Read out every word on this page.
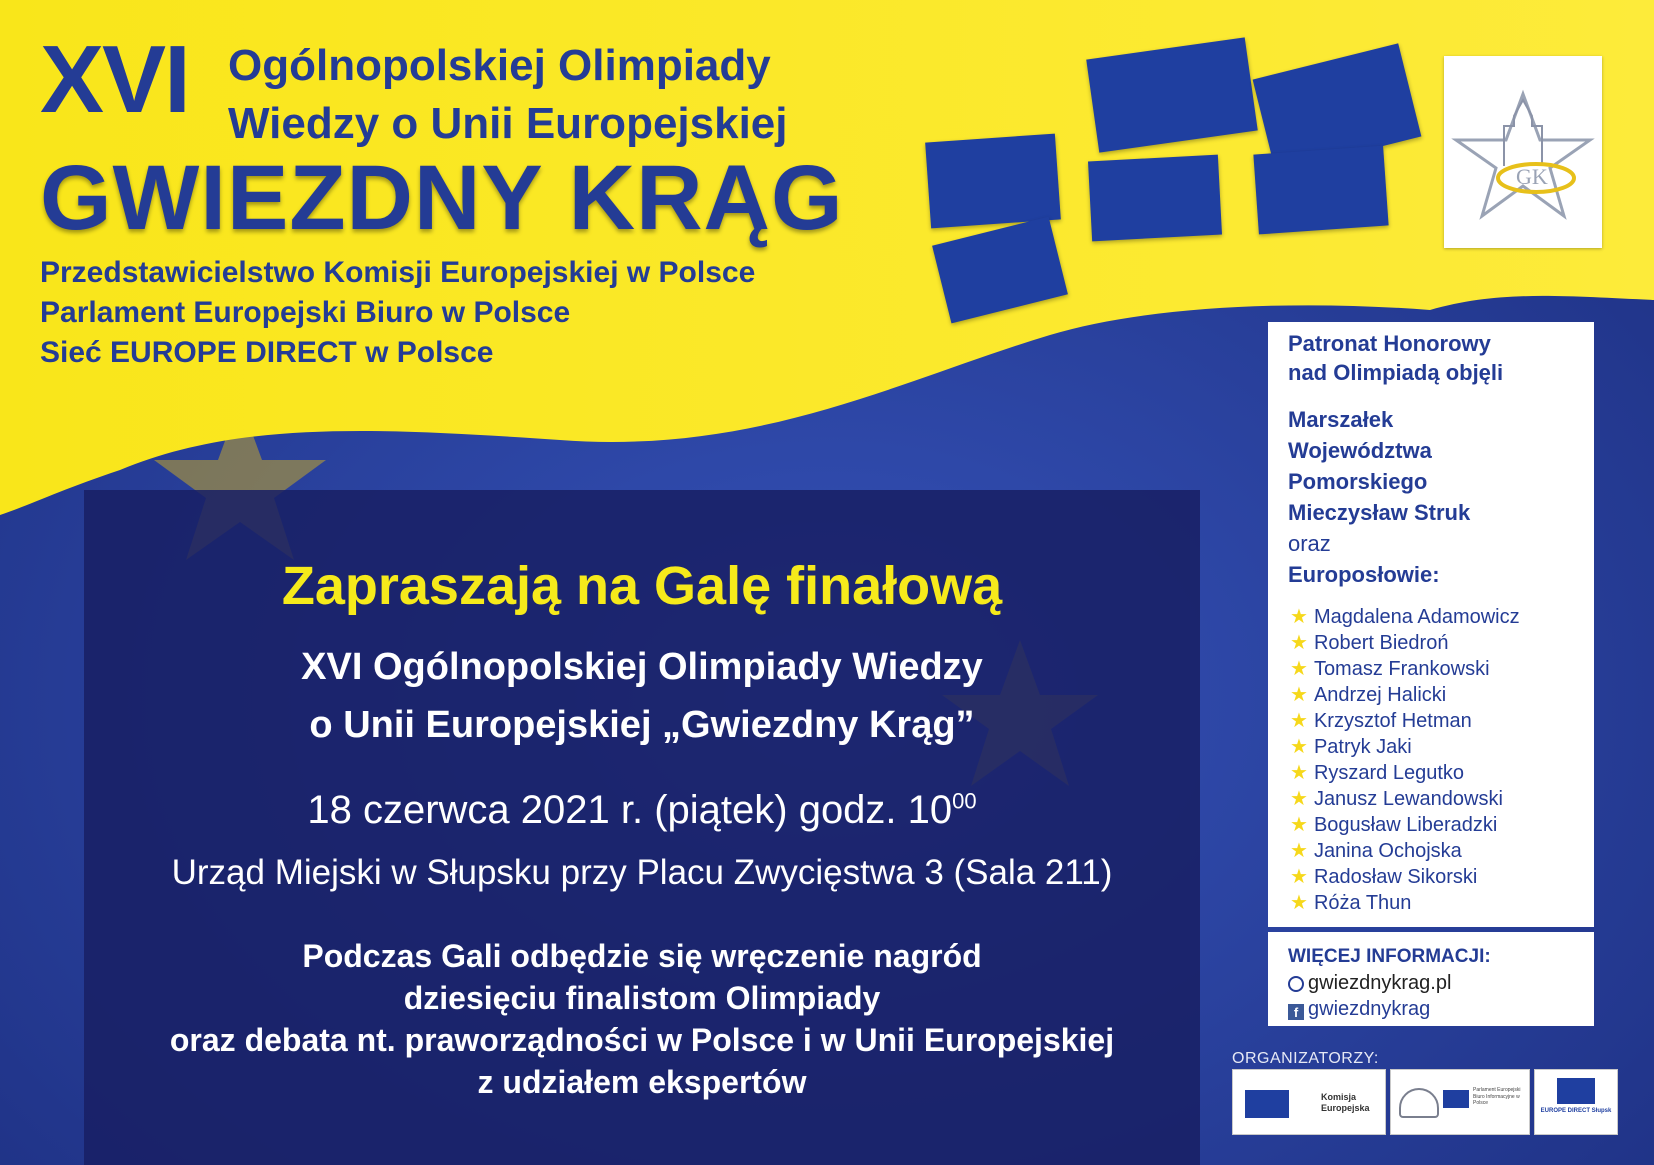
XVI Ogólnopolskiej Olimpiady
Wiedzy o Unii Europejskiej
GWIEZDNY KRĄG
Przedstawicielstwo Komisji Europejskiej w Polsce
Parlament Europejski Biuro w Polsce
Sieć EUROPE DIRECT w Polsce
GK
Zapraszają na Galę finałową
XVI Ogólnopolskiej Olimpiady Wiedzy
o Unii Europejskiej „Gwiezdny Krąg”
18 czerwca 2021 r. (piątek) godz. $10^{00}$
Urząd Miejski w Słupsku przy Placu Zwycięstwa 3 (Sala 211)
Podczas Gali odbędzie się wręczenie nagród
dziesięciu finalistom Olimpiady
oraz debata nt. praworządności w Polsce i w Unii Europejskiej
z udziałem ekspertów
Patronat Honorowy
nad Olimpiadą objęli
Marszałek
Województwa
Pomorskiego
Mieczysław Struk
oraz
Europosłowie:
★ Magdalena Adamowicz
★ Robert Biedroń
★ Tomasz Frankowski
★ Andrzej Halicki
★ Krzysztof Hetman
★ Patryk Jaki
★ Ryszard Legutko
★ Janusz Lewandowski
★ Bogusław Liberadzki
★ Janina Ochojska
★ Radosław Sikorski
★ Róża Thun
WIĘCEJ INFORMACJI:
gwiezdnykrag.pl
f gwiezdnykrag
ORGANIZATORZY:
Komisja Europejska
Parlament Europejski Biuro Informacyjne w Polsce
EUROPE DIRECT Słupsk
